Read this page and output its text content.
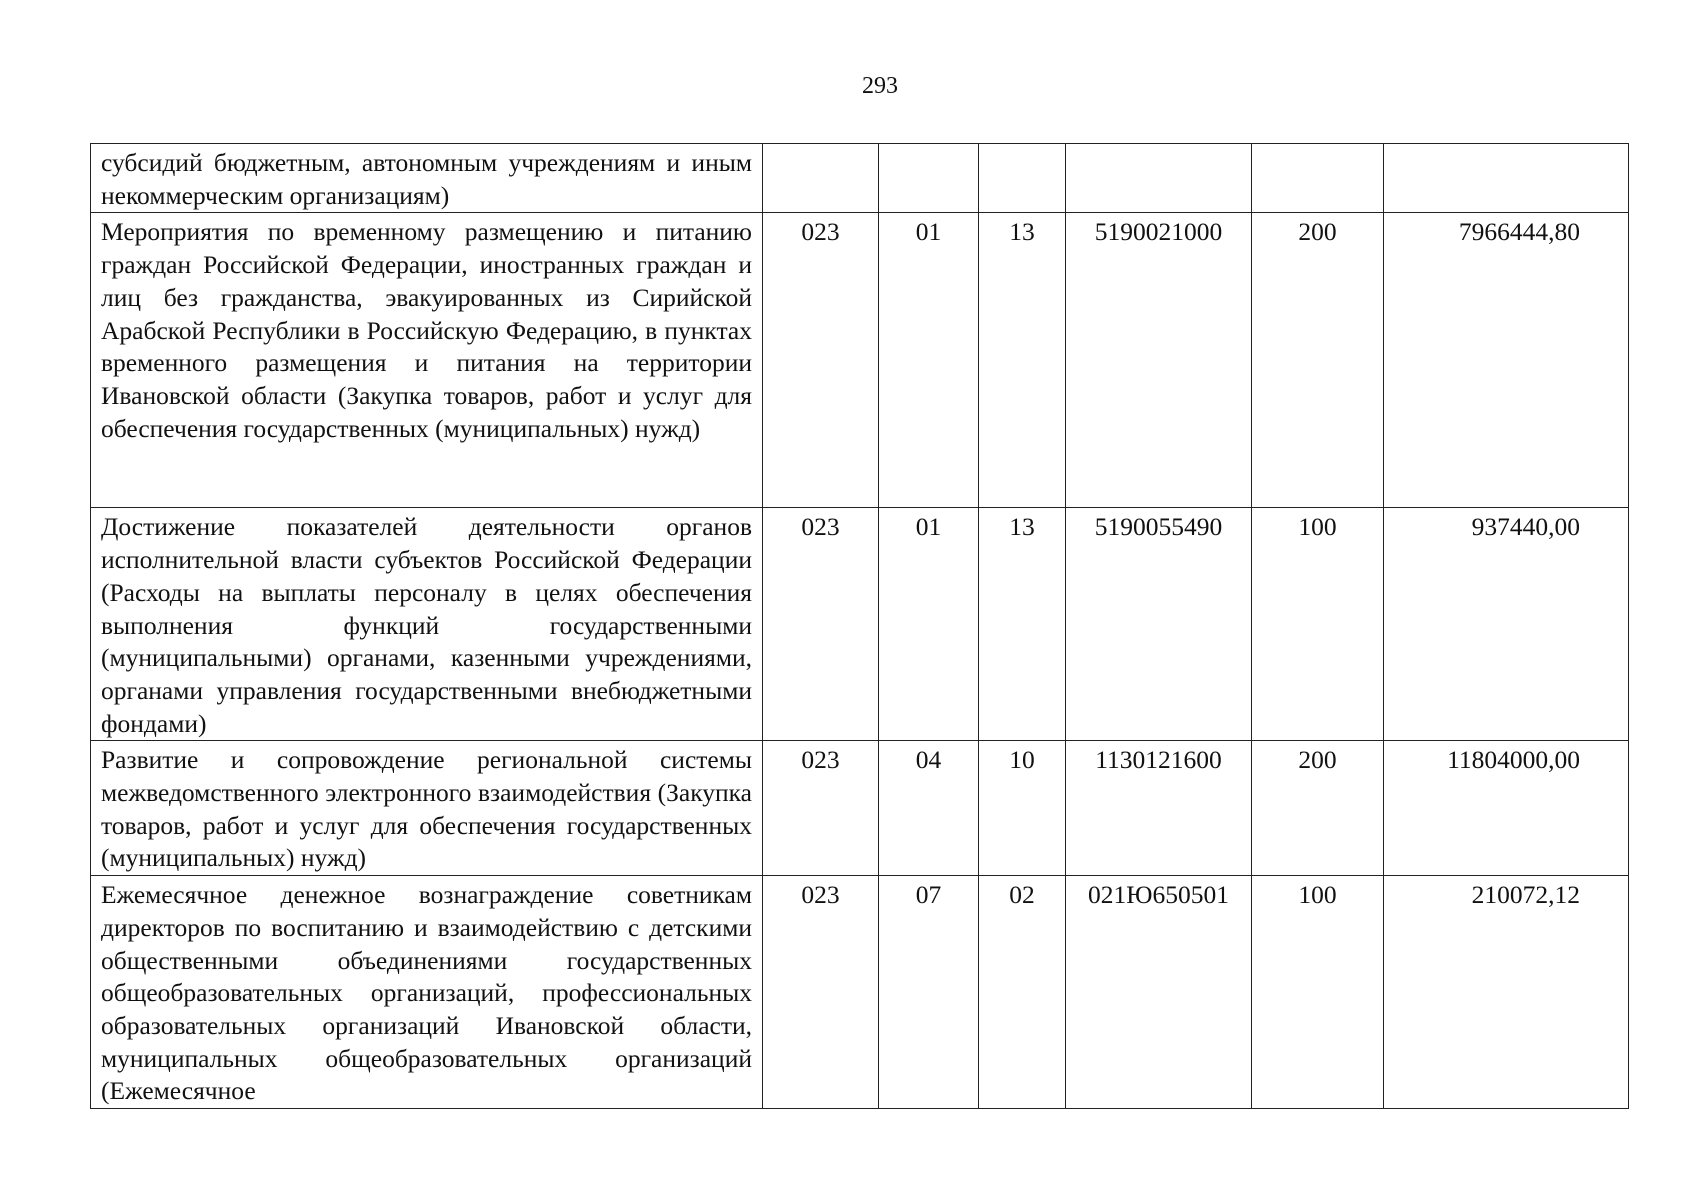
293
субсидий бюджетным, автономным учреждениям и иным некоммерческим организациям)						
Мероприятия по временному размещению и питанию граждан Российской Федерации, иностранных граждан и лиц без гражданства, эвакуированных из Сирийской Арабской Республики в Российскую Федерацию, в пунктах временного размещения и питания на территории Ивановской области (Закупка товаров, работ и услуг для обеспечения государственных (муниципальных) нужд)	023	01	13	5190021000	200	7966444,80
Достижение показателей деятельности органов исполнительной власти субъектов Российской Федерации (Расходы на выплаты персоналу в целях обеспечения выполнения функций государственными (муниципальными) органами, казенными учреждениями, органами управления государственными внебюджетными фондами)	023	01	13	5190055490	100	937440,00
Развитие и сопровождение региональной системы межведомственного электронного взаимодействия (Закупка товаров, работ и услуг для обеспечения государственных (муниципальных) нужд)	023	04	10	1130121600	200	11804000,00
Ежемесячное денежное вознаграждение советникам директоров по воспитанию и взаимодействию с детскими общественными объединениями государственных общеобразовательных организаций, профессиональных образовательных организаций Ивановской области, муниципальных общеобразовательных организаций (Ежемесячное	023	07	02	021Ю650501	100	210072,12
